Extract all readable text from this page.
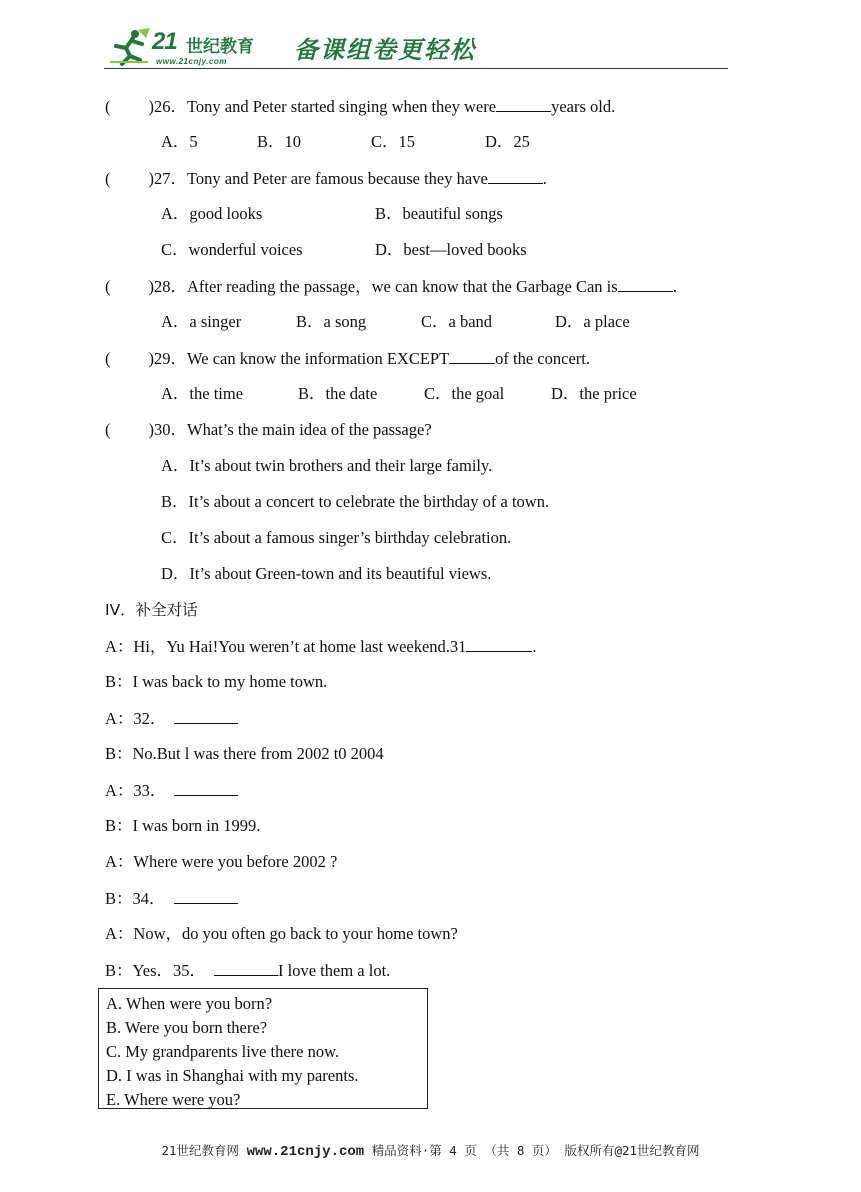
21 世纪教育
www.21cnjy.com	备课组卷更轻松
( )26．Tony and Peter started singing when they were	years old.
A．5	B．10	C．15	D．25
( )27．Tony and Peter are famous because they have	.
A．good looks	B．beautiful songs
C．wonderful voices	D．best—loved books
( )28．After reading the passage，we can know that the Garbage Can is	.
A．a singer	B．a song	C．a band	D．a place
( )29．We can know the information EXCEPT	of the concert.
A．the time	B．the date	C．the goal	D．the price
( )30．What’s the main idea of the passage?
A．It’s about twin brothers and their large family.
B．It’s about a concert to celebrate the birthday of a town.
C．It’s about a famous singer’s birthday celebration.
D．It’s about Green-town and its beautiful views.
IV．补全对话
A：Hi，Yu Hai!You weren’t at home last weekend.31	.
B：I was back to my home town.
A：32．
B：No.But l was there from 2002 t0 2004
A：33．
B：I was born in 1999.
A：Where were you before 2002 ?
B：34．
A：Now，do you often go back to your home town?
B：Yes．35．	I love them a lot.
A. When were you born?
B. Were you born there?
C. My grandparents live there now.
D. I was in Shanghai with my parents.
E. Where were you?
21世纪教育网 www.21cnjy.com 精品资料·第 4 页 （共 8 页） 版权所有@21世纪教育网
